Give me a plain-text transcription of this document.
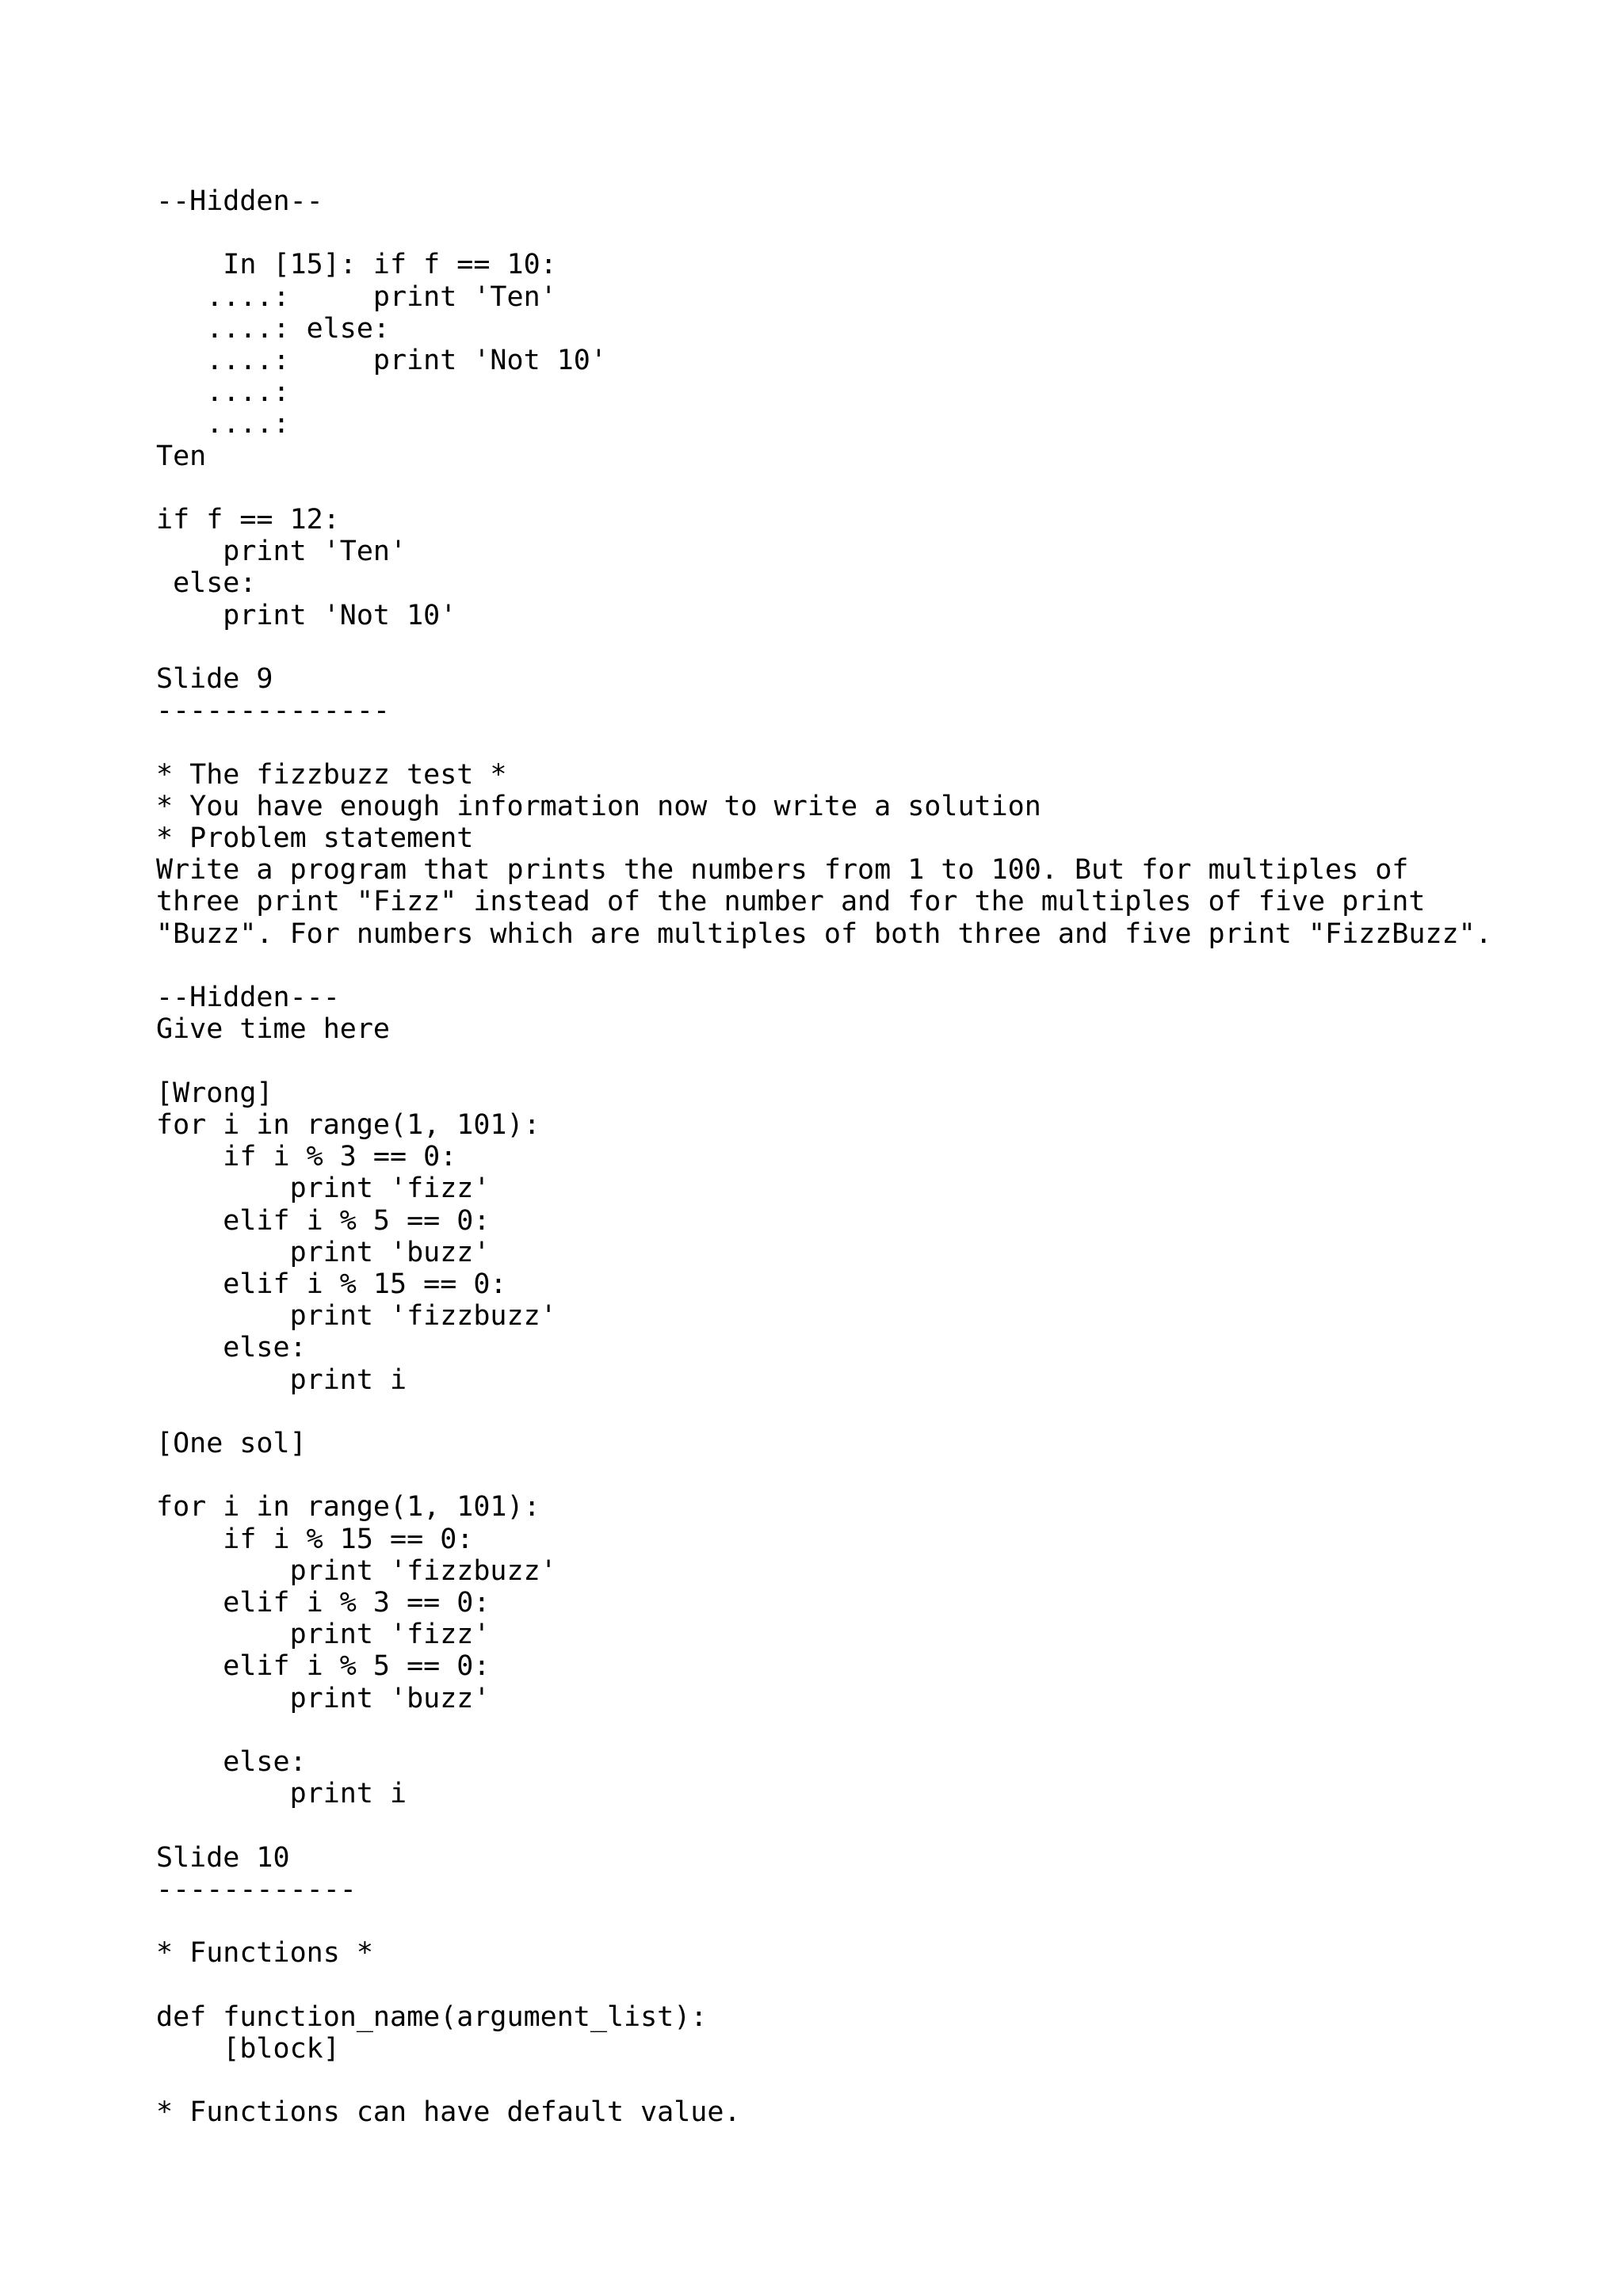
--Hidden--

In [15]: if f == 10:
....:     print 'Ten'
....: else:
....:     print 'Not 10'
....:
....:
Ten

if f == 12:
print 'Ten'
else:
print 'Not 10'

Slide 9
--------------

* The fizzbuzz test *
* You have enough information now to write a solution
* Problem statement
Write a program that prints the numbers from 1 to 100. But for multiples of
three print "Fizz" instead of the number and for the multiples of five print
"Buzz". For numbers which are multiples of both three and five print "FizzBuzz".

--Hidden---
Give time here

[Wrong]
for i in range(1, 101):
if i % 3 == 0:
print 'fizz'
elif i % 5 == 0:
print 'buzz'
elif i % 15 == 0:
print 'fizzbuzz'
else:
print i

[One sol]

for i in range(1, 101):
if i % 15 == 0:
print 'fizzbuzz'
elif i % 3 == 0:
print 'fizz'
elif i % 5 == 0:
print 'buzz'

else:
print i

Slide 10
------------

* Functions *

def function_name(argument_list):
[block]

* Functions can have default value.
